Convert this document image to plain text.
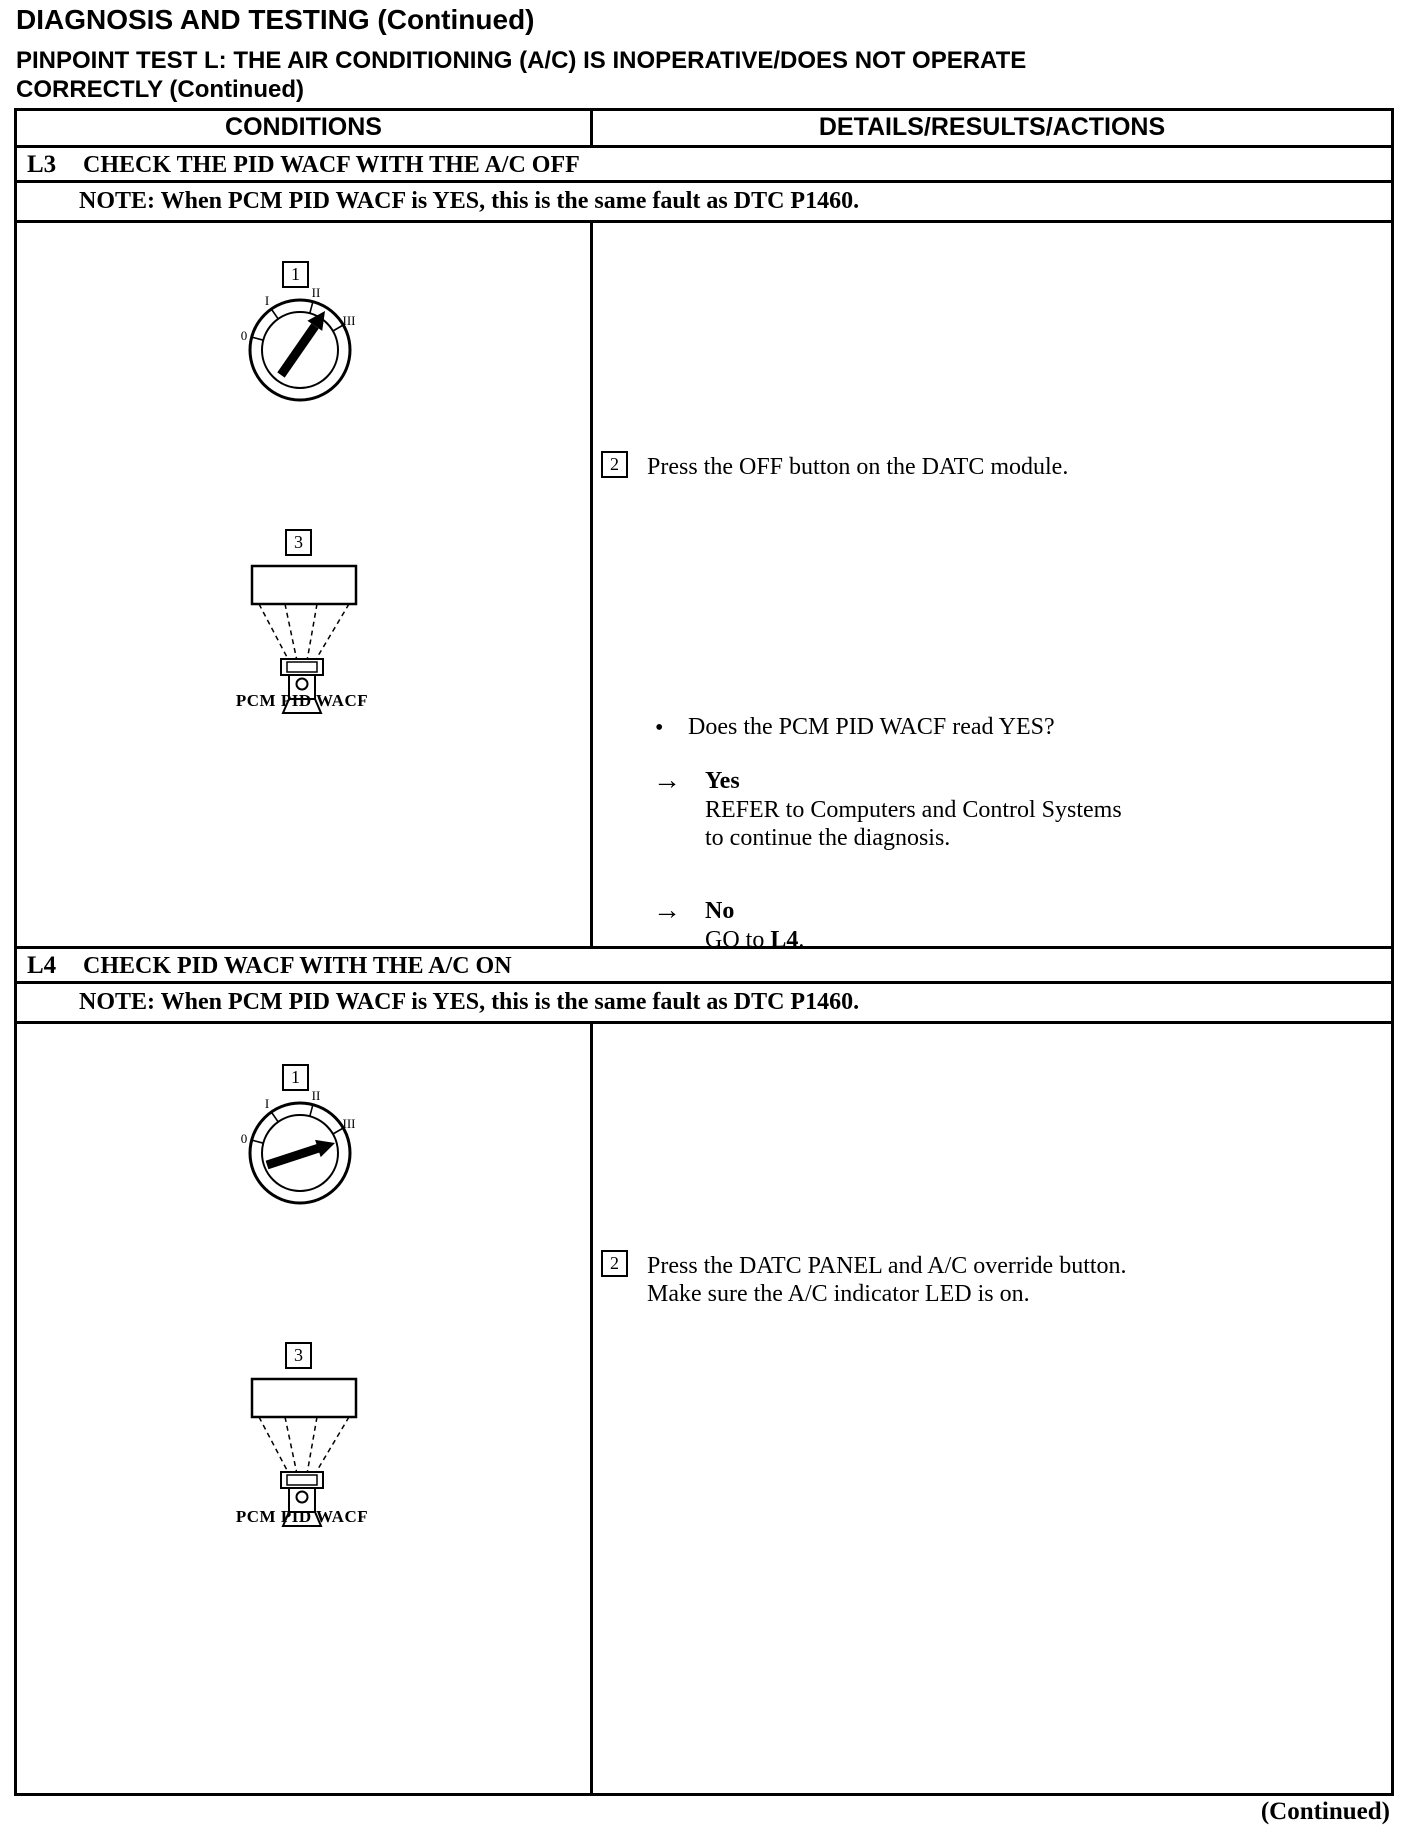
DIAGNOSIS AND TESTING (Continued)
PINPOINT TEST L: THE AIR CONDITIONING (A/C) IS INOPERATIVE/DOES NOT OPERATE
CORRECTLY (Continued)
CONDITIONS	DETAILS/RESULTS/ACTIONS
L3 CHECK THE PID WACF WITH THE A/C OFF
NOTE: When PCM PID WACF is YES, this is the same fault as DTC P1460.
1
0
I
II
III
3
PCM PID WACF
2	Press the OFF button on the DATC module.
• Does the PCM PID WACF read YES?
→ Yes
REFER to Computers and Control Systems
to continue the diagnosis.
→ No
GO to L4.
L4 CHECK PID WACF WITH THE A/C ON
NOTE: When PCM PID WACF is YES, this is the same fault as DTC P1460.
1
0
I
II
III
3
PCM PID WACF
2	Press the DATC PANEL and A/C override button.
Make sure the A/C indicator LED is on.
(Continued)
